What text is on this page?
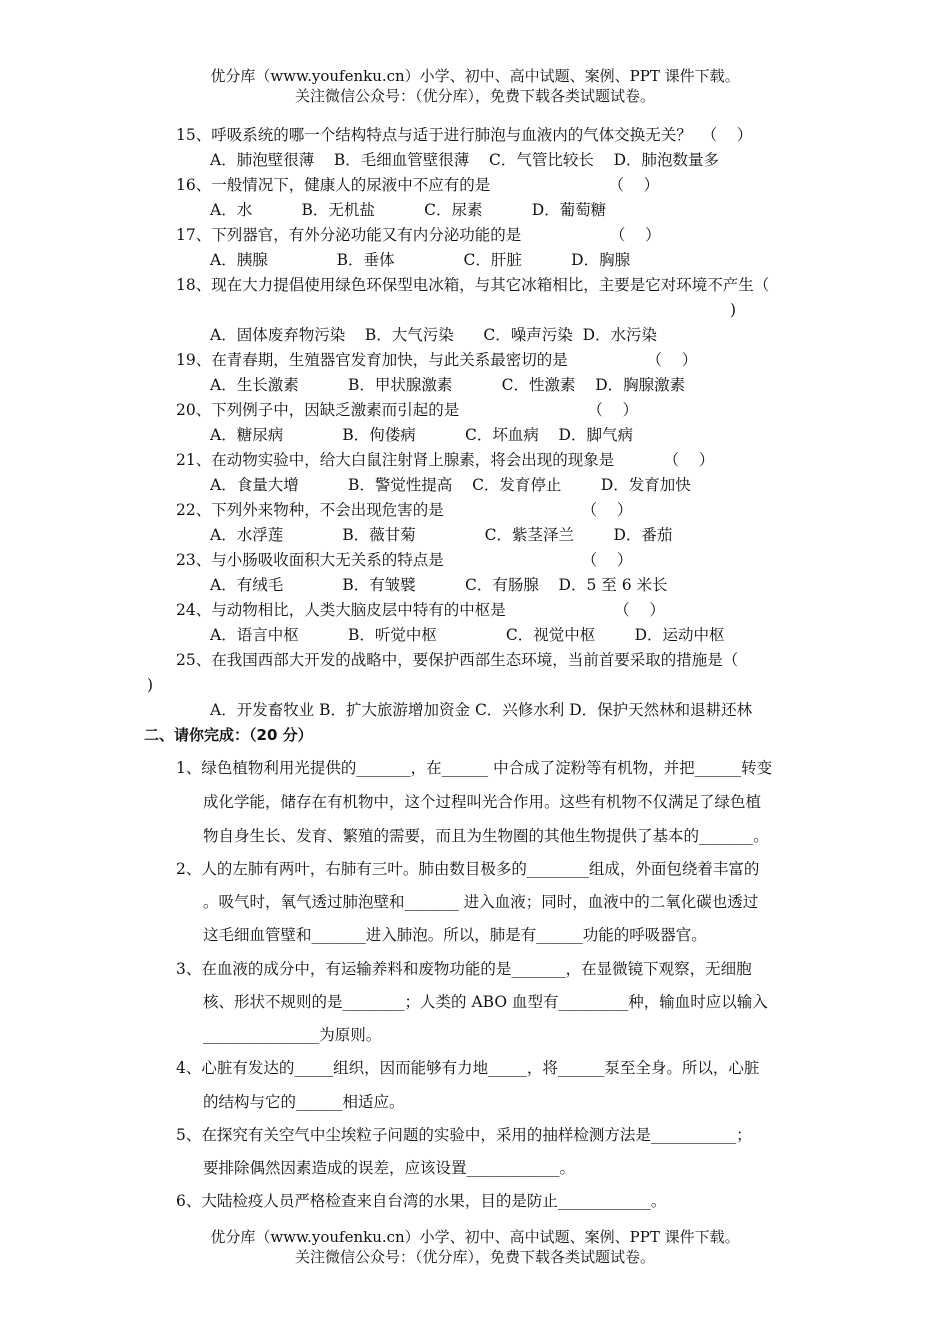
优分库（www.youfenku.cn）小学、初中、高中试题、案例、PPT 课件下载。
关注微信公众号：（优分库），免费下载各类试题试卷。
15、呼吸系统的哪一个结构特点与适于进行肺泡与血液内的气体交换无关？  （    ）
A．肺泡壁很薄    B．毛细血管壁很薄    C．气管比较长    D．肺泡数量多
16、一般情况下，健康人的尿液中不应有的是                        （    ）
A．水          B．无机盐          C．尿素          D．葡萄糖
17、下列器官，有外分泌功能又有内分泌功能的是                  （    ）
A．胰腺              B．垂体              C．肝脏          D．胸腺
18、现在大力提倡使用绿色环保型电冰箱，与其它冰箱相比，主要是它对环境不产生（
)
A．固体废弃物污染    B．大气污染      C．噪声污染  D．水污染
19、在青春期，生殖器官发育加快，与此关系最密切的是                （    ）
A．生长激素          B．甲状腺激素          C．性激素    D．胸腺激素
20、下列例子中，因缺乏激素而引起的是                          （    ）
A．糖尿病            B．佝偻病          C．坏血病    D．脚气病
21、在动物实验中，给大白鼠注射肾上腺素，将会出现的现象是          （    ）
A．食量大增          B．警觉性提高    C．发育停止        D．发育加快
22、下列外来物种，不会出现危害的是                            （    ）
A．水浮莲            B．薇甘菊              C．紫茎泽兰        D．番茄
23、与小肠吸收面积大无关系的特点是                            （    ）
A．有绒毛            B．有皱襞          C．有肠腺    D．5 至 6 米长
24、与动物相比，人类大脑皮层中特有的中枢是                      （    ）
A．语言中枢          B．听觉中枢              C．视觉中枢        D．运动中枢
25、在我国西部大开发的战略中，要保护西部生态环境，当前首要采取的措施是（
)
A．开发畜牧业 B．扩大旅游增加资金 C．兴修水利 D．保护天然林和退耕还林
二、请你完成：（20 分）
1、绿色植物利用光提供的_______，在______ 中合成了淀粉等有机物，并把______转变
成化学能，储存在有机物中，这个过程叫光合作用。这些有机物不仅满足了绿色植
物自身生长、发育、繁殖的需要，而且为生物圈的其他生物提供了基本的_______。
2、人的左肺有两叶，右肺有三叶。肺由数目极多的________组成，外面包绕着丰富的
。吸气时，氧气透过肺泡壁和_______ 进入血液；同时，血液中的二氧化碳也透过
这毛细血管壁和_______进入肺泡。所以，肺是有______功能的呼吸器官。
3、在血液的成分中，有运输养料和废物功能的是_______，在显微镜下观察，无细胞
核、形状不规则的是________；人类的 ABO 血型有_________种，输血时应以输入
_______________为原则。
4、心脏有发达的_____组织，因而能够有力地_____，将______泵至全身。所以，心脏
的结构与它的______相适应。
5、在探究有关空气中尘埃粒子问题的实验中，采用的抽样检测方法是___________；
要排除偶然因素造成的误差，应该设置____________。
6、大陆检疫人员严格检查来自台湾的水果，目的是防止____________。
优分库（www.youfenku.cn）小学、初中、高中试题、案例、PPT 课件下载。
关注微信公众号：（优分库），免费下载各类试题试卷。
